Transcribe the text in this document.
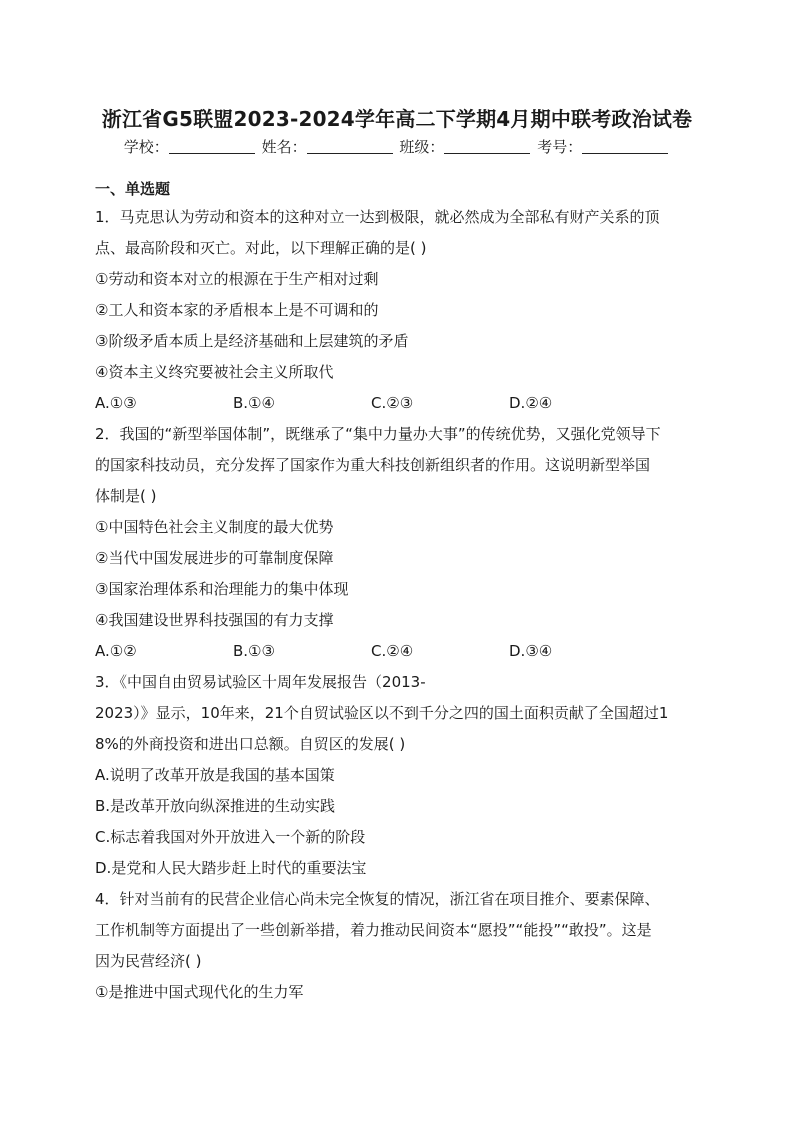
浙江省G5联盟2023-2024学年高二下学期4月期中联考政治试卷
学校：	姓名：	班级：	考号：
一、单选题
1．马克思认为劳动和资本的这种对立一达到极限，就必然成为全部私有财产关系的顶
点、最高阶段和灭亡。对此，以下理解正确的是( )
①劳动和资本对立的根源在于生产相对过剩
②工人和资本家的矛盾根本上是不可调和的
③阶级矛盾本质上是经济基础和上层建筑的矛盾
④资本主义终究要被社会主义所取代
A.①③	B.①④	C.②③	D.②④
2．我国的“新型举国体制”，既继承了“集中力量办大事”的传统优势，又强化党领导下
的国家科技动员，充分发挥了国家作为重大科技创新组织者的作用。这说明新型举国
体制是( )
①中国特色社会主义制度的最大优势
②当代中国发展进步的可靠制度保障
③国家治理体系和治理能力的集中体现
④我国建设世界科技强国的有力支撑
A.①②	B.①③	C.②④	D.③④
3．《中国自由贸易试验区十周年发展报告（2013-
2023）》显示，10年来，21个自贸试验区以不到千分之四的国土面积贡献了全国超过1
8%的外商投资和进出口总额。自贸区的发展( )
A.说明了改革开放是我国的基本国策
B.是改革开放向纵深推进的生动实践
C.标志着我国对外开放进入一个新的阶段
D.是党和人民大踏步赶上时代的重要法宝
4．针对当前有的民营企业信心尚未完全恢复的情况，浙江省在项目推介、要素保障、
工作机制等方面提出了一些创新举措，着力推动民间资本“愿投”“能投”“敢投”。这是
因为民营经济( )
①是推进中国式现代化的生力军
